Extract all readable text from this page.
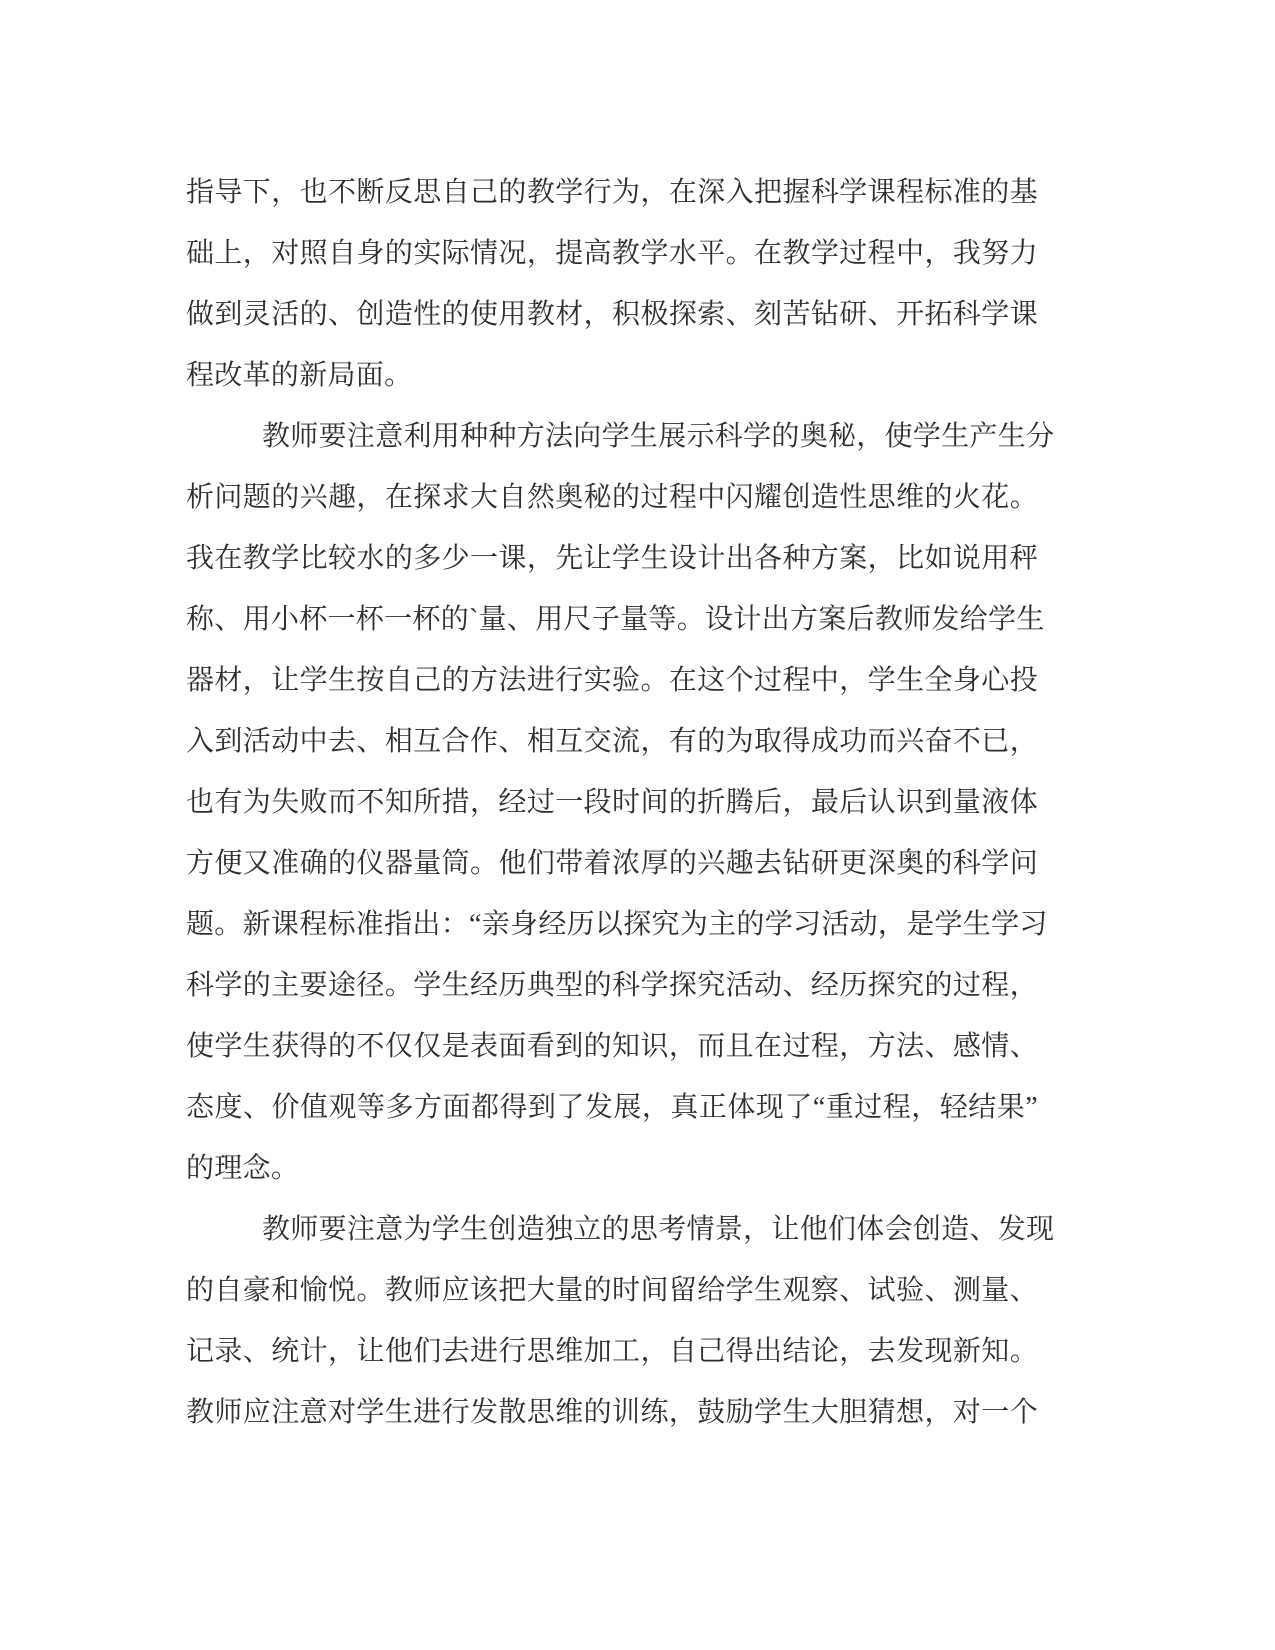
指导下，也不断反思自己的教学行为，在深入把握科学课程标准的基
础上，对照自身的实际情况，提高教学水平。在教学过程中，我努力
做到灵活的、创造性的使用教材，积极探索、刻苦钻研、开拓科学课
程改革的新局面。
教师要注意利用种种方法向学生展示科学的奥秘，使学生产生分
析问题的兴趣，在探求大自然奥秘的过程中闪耀创造性思维的火花。
我在教学比较水的多少一课，先让学生设计出各种方案，比如说用秤
称、用小杯一杯一杯的`量、用尺子量等。设计出方案后教师发给学生
器材，让学生按自己的方法进行实验。在这个过程中，学生全身心投
入到活动中去、相互合作、相互交流，有的为取得成功而兴奋不已，
也有为失败而不知所措，经过一段时间的折腾后，最后认识到量液体
方便又准确的仪器量筒。他们带着浓厚的兴趣去钻研更深奥的科学问
题。新课程标准指出：“亲身经历以探究为主的学习活动，是学生学习
科学的主要途径。学生经历典型的科学探究活动、经历探究的过程，
使学生获得的不仅仅是表面看到的知识，而且在过程，方法、感情、
态度、价值观等多方面都得到了发展，真正体现了“重过程，轻结果”
的理念。
教师要注意为学生创造独立的思考情景，让他们体会创造、发现
的自豪和愉悦。教师应该把大量的时间留给学生观察、试验、测量、
记录、统计，让他们去进行思维加工，自己得出结论，去发现新知。
教师应注意对学生进行发散思维的训练，鼓励学生大胆猜想，对一个
